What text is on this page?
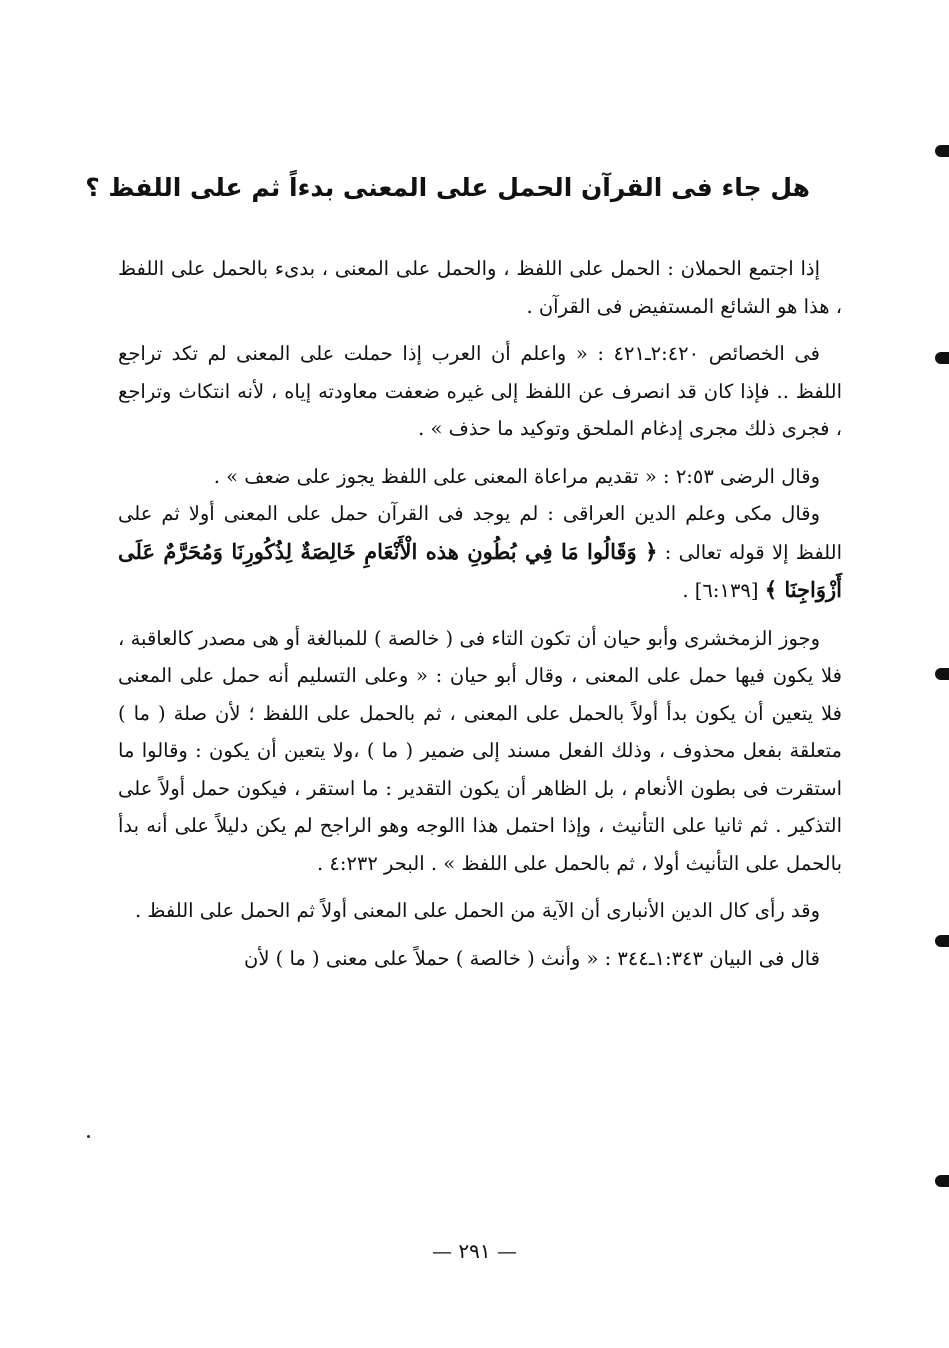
هل جاء فى القرآن الحمل على المعنى بدءاً ثم على اللفظ ؟

إذا اجتمع الحملان : الحمل على اللفظ ، والحمل على المعنى ، بدىء بالحمل على اللفظ ، هذا هو الشائع المستفيض فى القرآن .

فى الخصائص ٢:٤٢٠ـ٤٢١ : « واعلم أن العرب إذا حملت على المعنى لم تكد تراجع اللفظ .. فإذا كان قد انصرف عن اللفظ إلى غيره ضعفت معاودته إياه ، لأنه انتكاث وتراجع ، فجرى ذلك مجرى إدغام الملحق وتوكيد ما حذف » .

وقال الرضى ٢:٥٣ : « تقديم مراعاة المعنى على اللفظ يجوز على ضعف » .

وقال مكى وعلم الدين العراقى : لم يوجد فى القرآن حمل على المعنى أولا ثم على اللفظ إلا قوله تعالى : ﴿ وَقَالُوا مَا فِي بُطُونِ هذه الْأَنْعَامِ خَالِصَةٌ لِذُكُورِنَا وَمُحَرَّمٌ عَلَى أَزْوَاجِنَا ﴾ [٦:١٣٩] .

وجوز الزمخشرى وأبو حيان أن تكون التاء فى ( خالصة ) للمبالغة أو هى مصدر كالعاقبة ، فلا يكون فيها حمل على المعنى ، وقال أبو حيان : « وعلى التسليم أنه حمل على المعنى فلا يتعين أن يكون بدأ أولاً بالحمل على المعنى ، ثم بالحمل على اللفظ ؛ لأن صلة ( ما ) متعلقة بفعل محذوف ، وذلك الفعل مسند إلى ضمير ( ما ) ،ولا يتعين أن يكون : وقالوا ما استقرت فى بطون الأنعام ، بل الظاهر أن يكون التقدير : ما استقر ، فيكون حمل أولاً على التذكير . ثم ثانيا على التأنيث ، وإذا احتمل هذا االوجه وهو الراجح لم يكن دليلاً على أنه بدأ بالحمل على التأنيث أولا ، ثم بالحمل على اللفظ » . البحر ٤:٢٣٢ .

وقد رأى كال الدين الأنبارى أن الآية من الحمل على المعنى أولاً ثم الحمل على اللفظ .

قال فى البيان ١:٣٤٣ـ٣٤٤ : « وأنث ( خالصة ) حملاً على معنى ( ما ) لأن

— ٢٩١ —
